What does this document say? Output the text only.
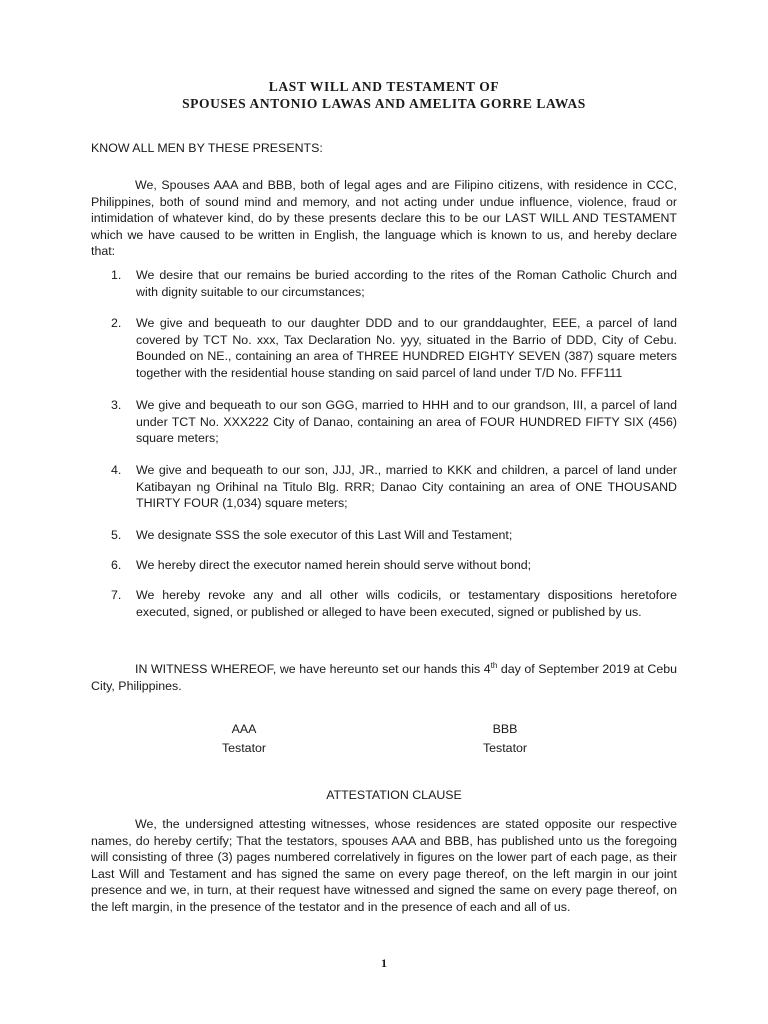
LAST WILL AND TESTAMENT OF
SPOUSES ANTONIO LAWAS AND AMELITA GORRE LAWAS
KNOW ALL MEN BY THESE PRESENTS:
We, Spouses AAA and BBB, both of legal ages and are Filipino citizens, with residence in CCC, Philippines, both of sound mind and memory, and not acting under undue influence, violence, fraud or intimidation of whatever kind, do by these presents declare this to be our LAST WILL AND TESTAMENT which we have caused to be written in English, the language which is known to us, and hereby declare that:
1. We desire that our remains be buried according to the rites of the Roman Catholic Church and with dignity suitable to our circumstances;
2. We give and bequeath to our daughter DDD and to our granddaughter, EEE, a parcel of land covered by TCT No. xxx, Tax Declaration No. yyy, situated in the Barrio of DDD, City of Cebu. Bounded on NE., containing an area of THREE HUNDRED EIGHTY SEVEN (387) square meters together with the residential house standing on said parcel of land under T/D No. FFF111
3. We give and bequeath to our son GGG, married to HHH and to our grandson, III, a parcel of land under TCT No. XXX222 City of Danao, containing an area of FOUR HUNDRED FIFTY SIX (456) square meters;
4. We give and bequeath to our son, JJJ, JR., married to KKK and children, a parcel of land under Katibayan ng Orihinal na Titulo Blg. RRR; Danao City containing an area of ONE THOUSAND THIRTY FOUR (1,034) square meters;
5. We designate SSS the sole executor of this Last Will and Testament;
6. We hereby direct the executor named herein should serve without bond;
7. We hereby revoke any and all other wills codicils, or testamentary dispositions heretofore executed, signed, or published or alleged to have been executed, signed or published by us.
IN WITNESS WHEREOF, we have hereunto set our hands this 4th day of September 2019 at Cebu City, Philippines.
AAA
Testator
BBB
Testator
ATTESTATION CLAUSE
We, the undersigned attesting witnesses, whose residences are stated opposite our respective names, do hereby certify; That the testators, spouses AAA and BBB, has published unto us the foregoing will consisting of three (3) pages numbered correlatively in figures on the lower part of each page, as their Last Will and Testament and has signed the same on every page thereof, on the left margin in our joint presence and we, in turn, at their request have witnessed and signed the same on every page thereof, on the left margin, in the presence of the testator and in the presence of each and all of us.
1
